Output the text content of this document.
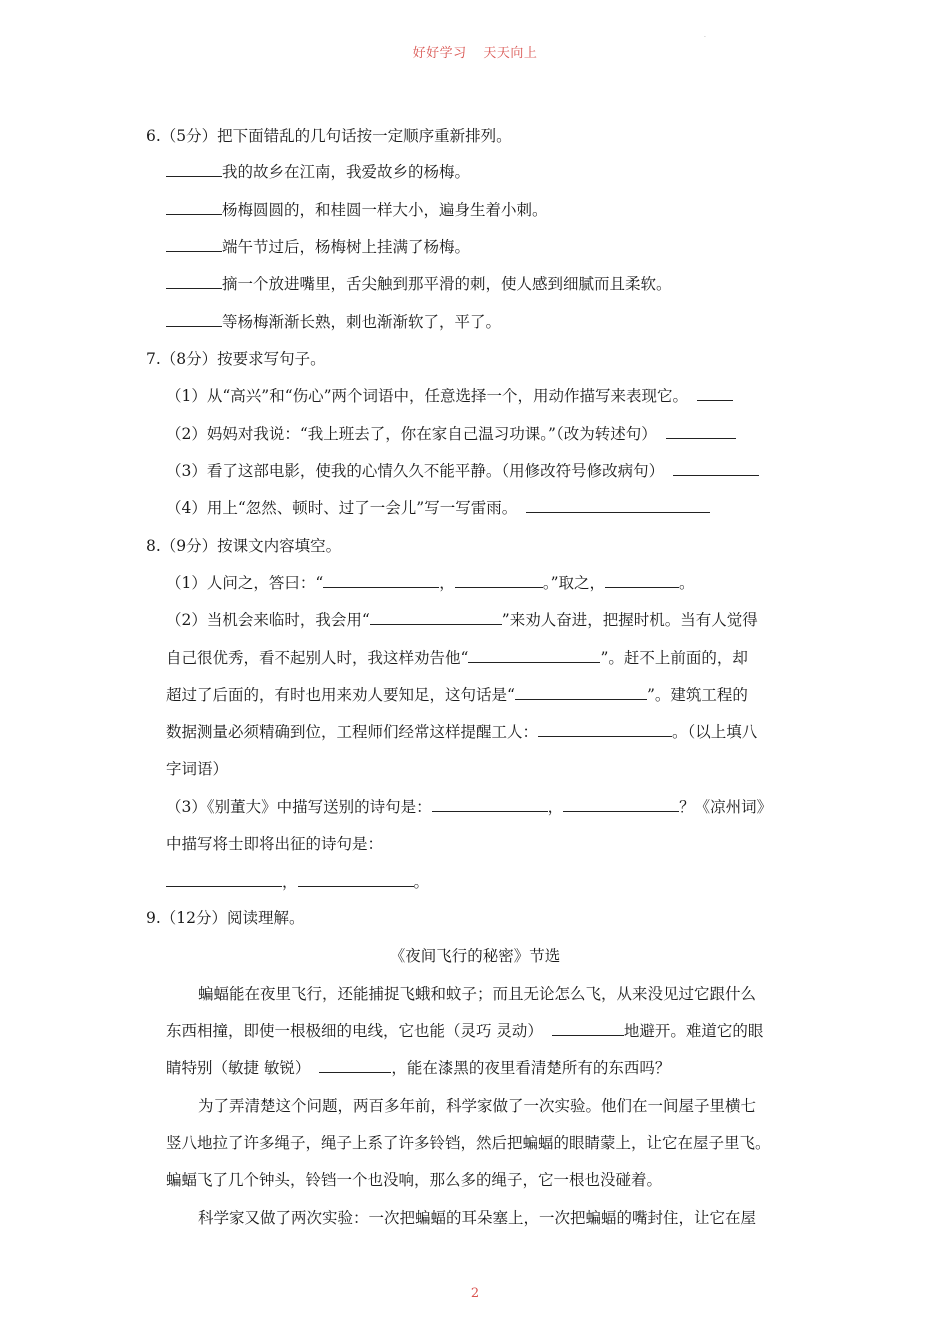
好好学习 天天向上
·
6.（5分）把下面错乱的几句话按一定顺序重新排列。
我的故乡在江南，我爱故乡的杨梅。
杨梅圆圆的，和桂圆一样大小，遍身生着小刺。
端午节过后，杨梅树上挂满了杨梅。
摘一个放进嘴里，舌尖触到那平滑的刺，使人感到细腻而且柔软。
等杨梅渐渐长熟，刺也渐渐软了，平了。
7.（8分）按要求写句子。
（1）从“高兴”和“伤心”两个词语中，任意选择一个，用动作描写来表现它。
（2）妈妈对我说：“我上班去了，你在家自己温习功课。”（改为转述句）
（3）看了这部电影，使我的心情久久不能平静。（用修改符号修改病句）
（4）用上“忽然、顿时、过了一会儿”写一写雷雨。
8.（9分）按课文内容填空。
（1）人问之，答曰：“	，	。”取之，	。
（2）当机会来临时，我会用“	”来劝人奋进，把握时机。当有人觉得
自己很优秀，看不起别人时，我这样劝告他“	”。赶不上前面的，却
超过了后面的，有时也用来劝人要知足，这句话是“	”。建筑工程的
数据测量必须精确到位，工程师们经常这样提醒工人：	。（以上填八
字词语）
（3）《别董大》中描写送别的诗句是：	，	？《凉州词》
中描写将士即将出征的诗句是：
，	。
9.（12分）阅读理解。
《夜间飞行的秘密》节选
蝙蝠能在夜里飞行，还能捕捉飞蛾和蚊子；而且无论怎么飞，从来没见过它跟什么
东西相撞，即使一根极细的电线，它也能（灵巧 灵动）	地避开。难道它的眼
睛特别（敏捷 敏锐）	，能在漆黑的夜里看清楚所有的东西吗？
为了弄清楚这个问题，两百多年前，科学家做了一次实验。他们在一间屋子里横七
竖八地拉了许多绳子，绳子上系了许多铃铛，然后把蝙蝠的眼睛蒙上，让它在屋子里飞。
蝙蝠飞了几个钟头，铃铛一个也没响，那么多的绳子，它一根也没碰着。
科学家又做了两次实验：一次把蝙蝠的耳朵塞上，一次把蝙蝠的嘴封住，让它在屋
2
